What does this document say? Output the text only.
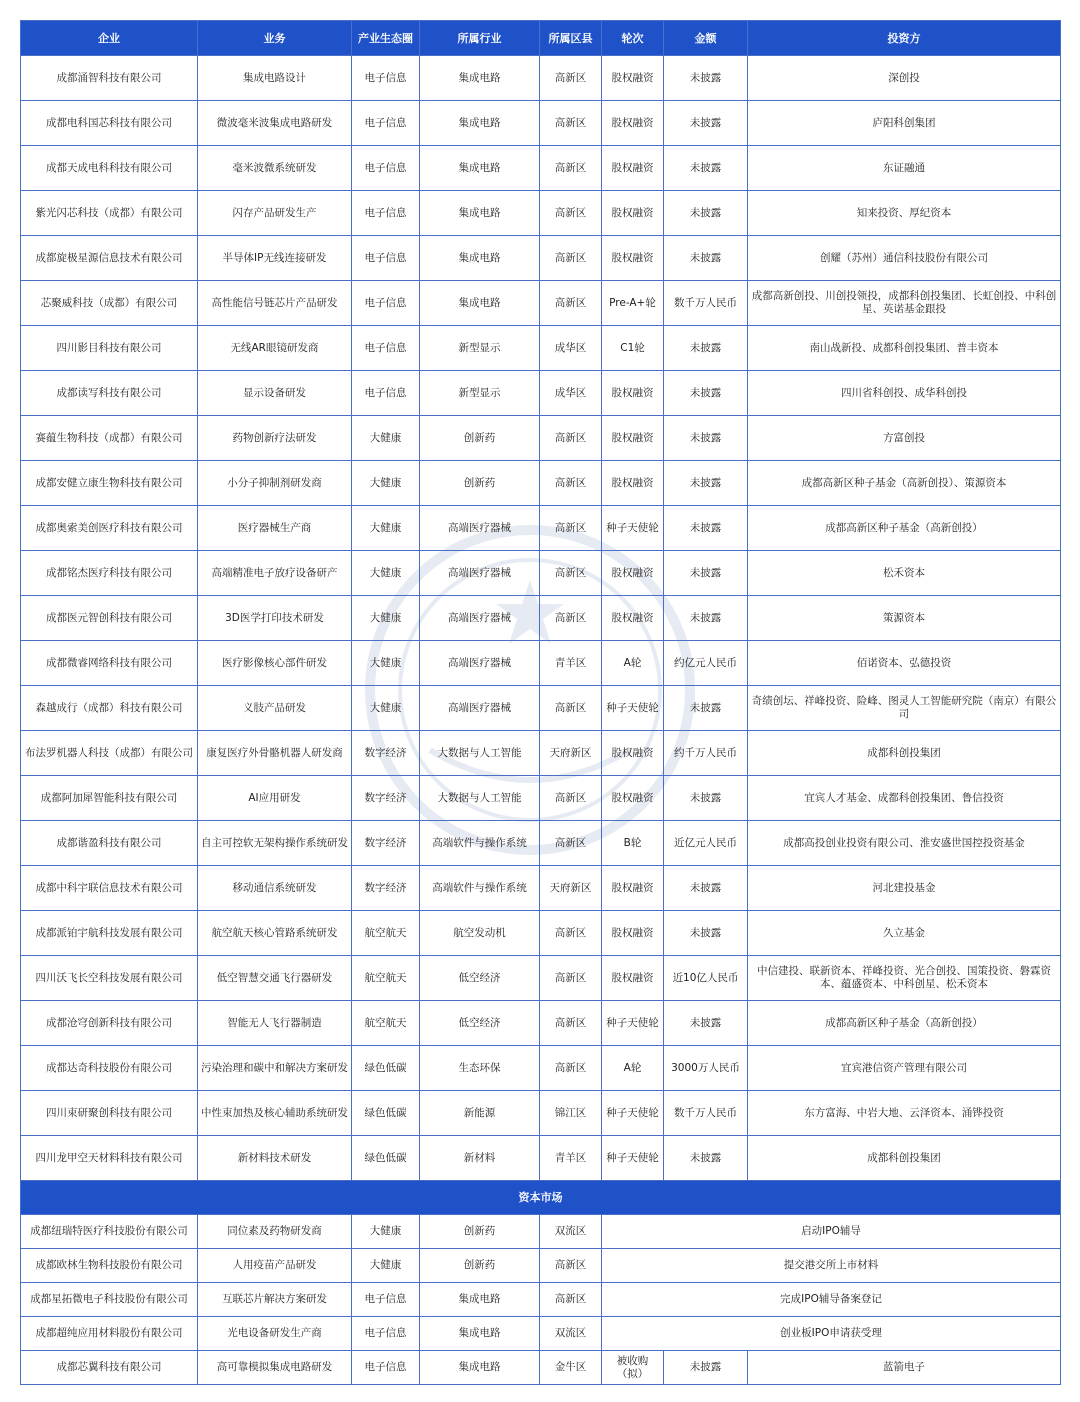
企业	业务	产业生态圈	所属行业	所属区县	轮次	金额	投资方
成都涌智科技有限公司	集成电路设计	电子信息	集成电路	高新区	股权融资	未披露	深创投
成都电科国芯科技有限公司	微波毫米波集成电路研发	电子信息	集成电路	高新区	股权融资	未披露	庐阳科创集团
成都天成电科科技有限公司	毫米波微系统研发	电子信息	集成电路	高新区	股权融资	未披露	东证融通
紫光闪芯科技（成都）有限公司	闪存产品研发生产	电子信息	集成电路	高新区	股权融资	未披露	知来投资、厚纪资本
成都旋极星源信息技术有限公司	半导体IP无线连接研发	电子信息	集成电路	高新区	股权融资	未披露	创耀（苏州）通信科技股份有限公司
芯聚威科技（成都）有限公司	高性能信号链芯片产品研发	电子信息	集成电路	高新区	Pre-A+轮	数千万人民币	成都高新创投、川创投领投，成都科创投集团、长虹创投、中科创星、英诺基金跟投
四川影目科技有限公司	无线AR眼镜研发商	电子信息	新型显示	成华区	C1轮	未披露	南山战新投、成都科创投集团、普丰资本
成都读写科技有限公司	显示设备研发	电子信息	新型显示	成华区	股权融资	未披露	四川省科创投、成华科创投
赛蕴生物科技（成都）有限公司	药物创新疗法研发	大健康	创新药	高新区	股权融资	未披露	方富创投
成都安健立康生物科技有限公司	小分子抑制剂研发商	大健康	创新药	高新区	股权融资	未披露	成都高新区种子基金（高新创投）、策源资本
成都奥索美创医疗科技有限公司	医疗器械生产商	大健康	高端医疗器械	高新区	种子天使轮	未披露	成都高新区种子基金（高新创投）
成都铭杰医疗科技有限公司	高端精准电子放疗设备研产	大健康	高端医疗器械	高新区	股权融资	未披露	松禾资本
成都医元智创科技有限公司	3D医学打印技术研发	大健康	高端医疗器械	高新区	股权融资	未披露	策源资本
成都微睿网络科技有限公司	医疗影像核心部件研发	大健康	高端医疗器械	青羊区	A轮	约亿元人民币	佰诺资本、弘德投资
森越成行（成都）科技有限公司	义肢产品研发	大健康	高端医疗器械	高新区	种子天使轮	未披露	奇绩创坛、祥峰投资、险峰、图灵人工智能研究院（南京）有限公司
布法罗机器人科技（成都）有限公司	康复医疗外骨骼机器人研发商	数字经济	大数据与人工智能	天府新区	股权融资	约千万人民币	成都科创投集团
成都阿加犀智能科技有限公司	AI应用研发	数字经济	大数据与人工智能	高新区	股权融资	未披露	宜宾人才基金、成都科创投集团、鲁信投资
成都谐盈科技有限公司	自主可控软无架构操作系统研发	数字经济	高端软件与操作系统	高新区	B轮	近亿元人民币	成都高投创业投资有限公司、淮安盛世国控投资基金
成都中科宇联信息技术有限公司	移动通信系统研发	数字经济	高端软件与操作系统	天府新区	股权融资	未披露	河北建投基金
成都派铂宇航科技发展有限公司	航空航天核心管路系统研发	航空航天	航空发动机	高新区	股权融资	未披露	久立基金
四川沃飞长空科技发展有限公司	低空智慧交通飞行器研发	航空航天	低空经济	高新区	股权融资	近10亿人民币	中信建投、联新资本、祥峰投资、光合创投、国策投资、磐霖资本、蕴盛资本、中科创星、松禾资本
成都沧穹创新科技有限公司	智能无人飞行器制造	航空航天	低空经济	高新区	种子天使轮	未披露	成都高新区种子基金（高新创投）
成都达奇科技股份有限公司	污染治理和碳中和解决方案研发	绿色低碳	生态环保	高新区	A轮	3000万人民币	宜宾港信资产管理有限公司
四川束研聚创科技有限公司	中性束加热及核心辅助系统研发	绿色低碳	新能源	锦江区	种子天使轮	数千万人民币	东方富海、中岩大地、云泽资本、涌铧投资
四川龙甲空天材料科技有限公司	新材料技术研发	绿色低碳	新材料	青羊区	种子天使轮	未披露	成都科创投集团
资本市场							
成都纽瑞特医疗科技股份有限公司	同位素及药物研发商	大健康	创新药	双流区	启动IPO辅导		
成都欧林生物科技股份有限公司	人用疫苗产品研发	大健康	创新药	高新区	提交港交所上市材料		
成都星拓微电子科技股份有限公司	互联芯片解决方案研发	电子信息	集成电路	高新区	完成IPO辅导备案登记		
成都超纯应用材料股份有限公司	光电设备研发生产商	电子信息	集成电路	双流区	创业板IPO申请获受理		
成都芯翼科技有限公司	高可靠模拟集成电路研发	电子信息	集成电路	金牛区	被收购（拟）	未披露	蓝箭电子
